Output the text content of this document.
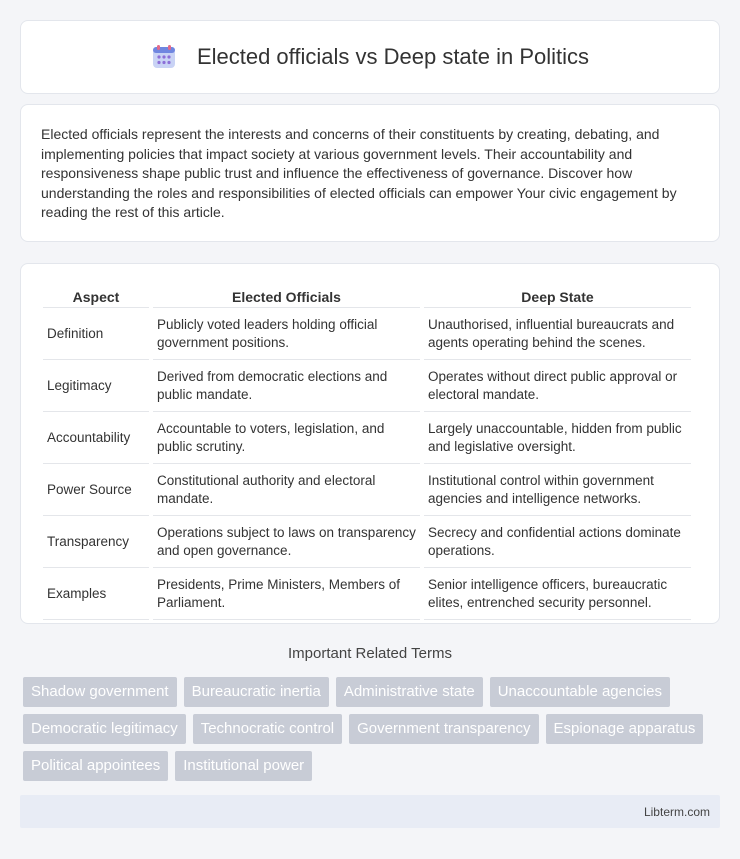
Elected officials vs Deep state in Politics

Elected officials represent the interests and concerns of their constituents by creating, debating, and implementing policies that impact society at various government levels. Their accountability and responsiveness shape public trust and influence the effectiveness of governance. Discover how understanding the roles and responsibilities of elected officials can empower Your civic engagement by reading the rest of this article.

Aspect	Elected Officials	Deep State
Definition	Publicly voted leaders holding official government positions.	Unauthorised, influential bureaucrats and agents operating behind the scenes.
Legitimacy	Derived from democratic elections and public mandate.	Operates without direct public approval or electoral mandate.
Accountability	Accountable to voters, legislation, and public scrutiny.	Largely unaccountable, hidden from public and legislative oversight.
Power Source	Constitutional authority and electoral mandate.	Institutional control within government agencies and intelligence networks.
Transparency	Operations subject to laws on transparency and open governance.	Secrecy and confidential actions dominate operations.
Examples	Presidents, Prime Ministers, Members of Parliament.	Senior intelligence officers, bureaucratic elites, entrenched security personnel.
Important Related Terms
Shadow government	Bureaucratic inertia	Administrative state	Unaccountable agencies
Democratic legitimacy	Technocratic control	Government transparency	Espionage apparatus
Political appointees	Institutional power
Libterm.com
